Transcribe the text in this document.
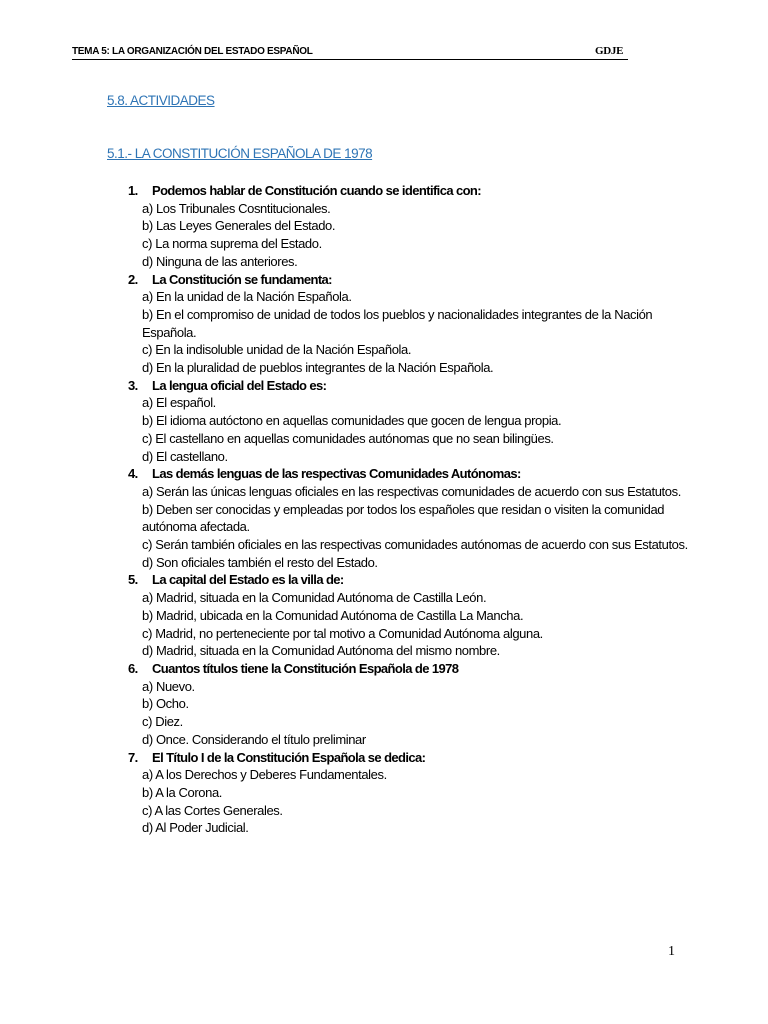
TEMA 5: LA ORGANIZACIÓN DEL ESTADO ESPAÑOL	GDJE
5.8. ACTIVIDADES
5.1.- LA CONSTITUCIÓN ESPAÑOLA DE 1978
1. Podemos hablar de Constitución cuando se identifica con:
a) Los Tribunales Cosntitucionales.
b) Las Leyes Generales del Estado.
c) La norma suprema del Estado.
d) Ninguna de las anteriores.
2. La Constitución se fundamenta:
a) En la unidad de la Nación Española.
b) En el compromiso de unidad de todos los pueblos y nacionalidades integrantes de la Nación Española.
c) En la indisoluble unidad de la Nación Española.
d) En la pluralidad de pueblos integrantes de la Nación Española.
3. La lengua oficial del Estado es:
a) El español.
b) El idioma autóctono en aquellas comunidades que gocen de lengua propia.
c) El castellano en aquellas comunidades autónomas que no sean bilingües.
d) El castellano.
4. Las demás lenguas de las respectivas Comunidades Autónomas:
a) Serán las únicas lenguas oficiales en las respectivas comunidades de acuerdo con sus Estatutos.
b) Deben ser conocidas y empleadas por todos los españoles que residan o visiten la comunidad autónoma afectada.
c) Serán también oficiales en las respectivas comunidades autónomas de acuerdo con sus Estatutos.
d) Son oficiales también el resto del Estado.
5. La capital del Estado es la villa de:
a) Madrid, situada en la Comunidad Autónoma de Castilla León.
b) Madrid, ubicada en la Comunidad Autónoma de Castilla La Mancha.
c) Madrid, no perteneciente por tal motivo a Comunidad Autónoma alguna.
d) Madrid, situada en la Comunidad Autónoma del mismo nombre.
6. Cuantos títulos tiene la Constitución Española de 1978
a) Nuevo.
b) Ocho.
c) Diez.
d) Once. Considerando el título preliminar
7. El Título I de la Constitución Española se dedica:
a) A los Derechos y Deberes Fundamentales.
b) A la Corona.
c) A las Cortes Generales.
d) Al Poder Judicial.
1
